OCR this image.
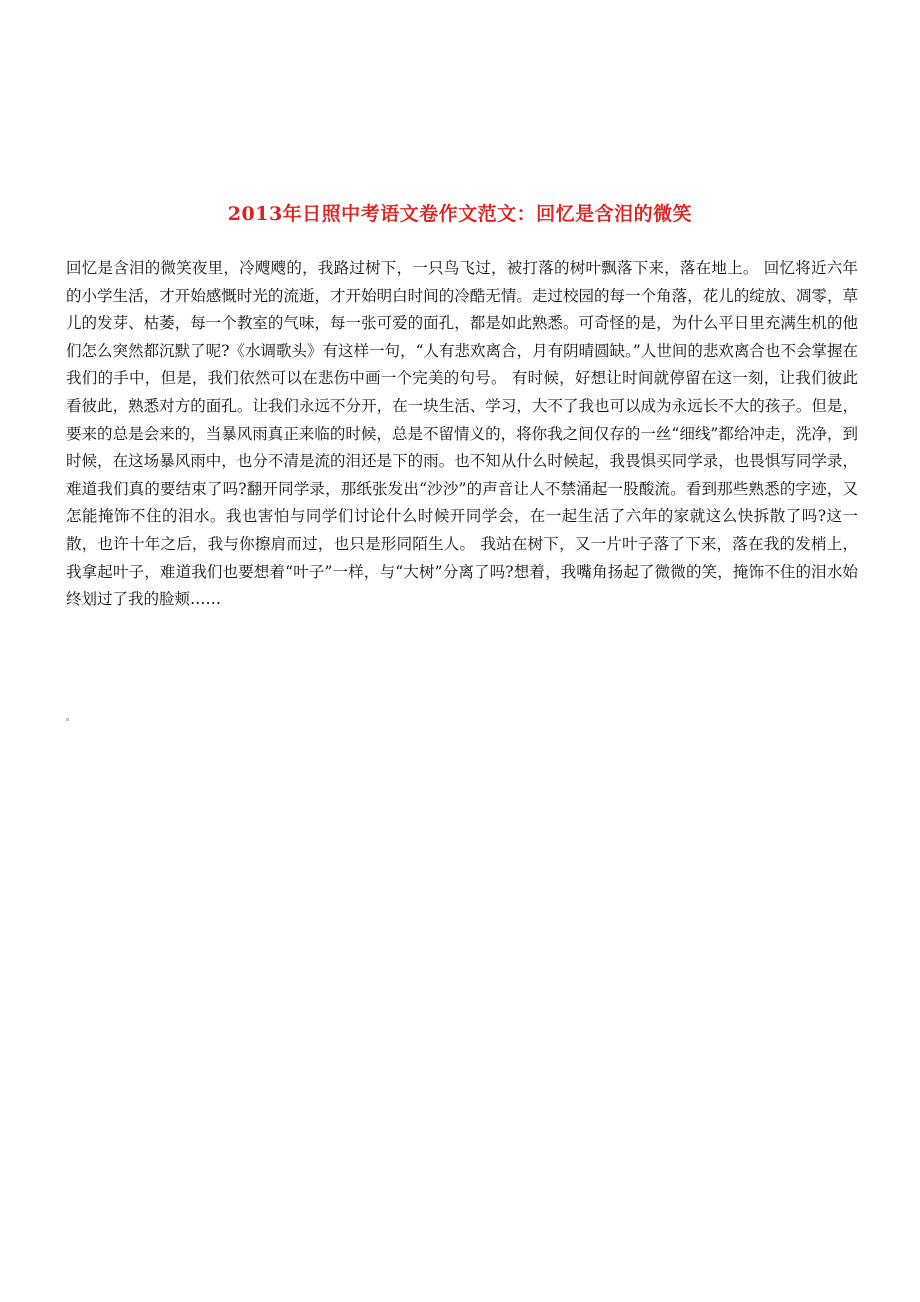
2013年日照中考语文卷作文范文：回忆是含泪的微笑

回忆是含泪的微笑夜里，冷飕飕的，我路过树下，一只鸟飞过，被打落的树叶飘落下来，落在地上。 回忆将近六年的小学生活，才开始感慨时光的流逝，才开始明白时间的冷酷无情。走过校园的每一个角落，花儿的绽放、凋零，草儿的发芽、枯萎，每一个教室的气味，每一张可爱的面孔，都是如此熟悉。可奇怪的是，为什么平日里充满生机的他们怎么突然都沉默了呢?《水调歌头》有这样一句，“人有悲欢离合，月有阴晴圆缺。”人世间的悲欢离合也不会掌握在我们的手中，但是，我们依然可以在悲伤中画一个完美的句号。 有时候，好想让时间就停留在这一刻，让我们彼此看彼此，熟悉对方的面孔。让我们永远不分开，在一块生活、学习，大不了我也可以成为永远长不大的孩子。但是，要来的总是会来的，当暴风雨真正来临的时候，总是不留情义的，将你我之间仅存的一丝“细线”都给冲走，洗净，到时候，在这场暴风雨中，也分不清是流的泪还是下的雨。也不知从什么时候起，我畏惧买同学录，也畏惧写同学录，难道我们真的要结束了吗?翻开同学录，那纸张发出“沙沙”的声音让人不禁涌起一股酸流。看到那些熟悉的字迹，又怎能掩饰不住的泪水。我也害怕与同学们讨论什么时候开同学会，在一起生活了六年的家就这么快拆散了吗?这一散，也许十年之后，我与你擦肩而过，也只是形同陌生人。 我站在树下，又一片叶子落了下来，落在我的发梢上，我拿起叶子，难道我们也要想着“叶子”一样，与“大树”分离了吗?想着，我嘴角扬起了微微的笑，掩饰不住的泪水始终划过了我的脸颊……
